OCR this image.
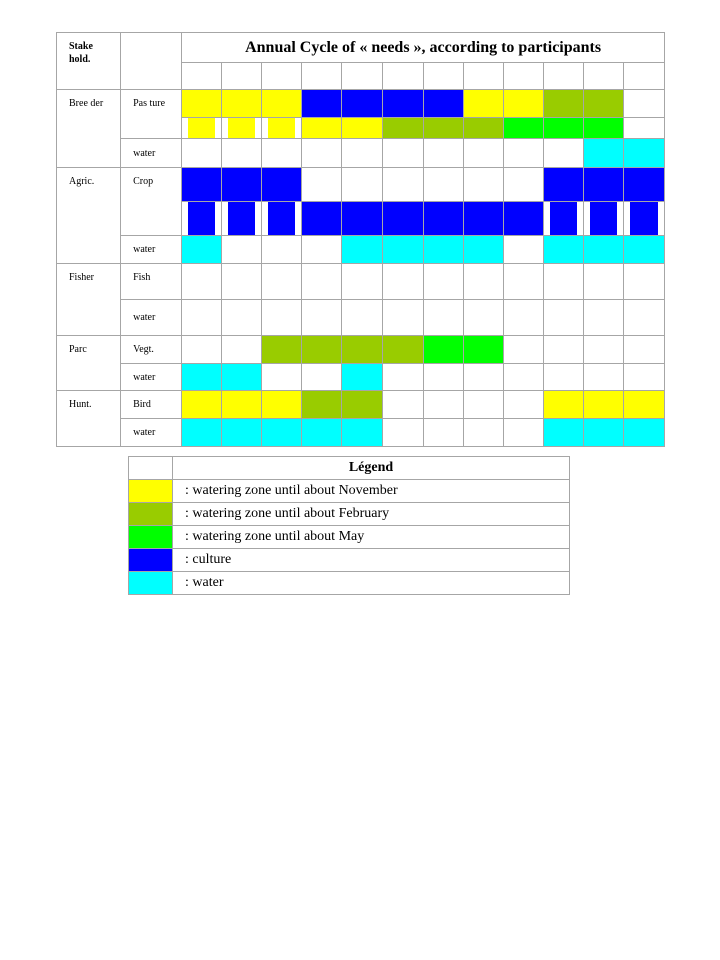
Stake hold.		Annual Cycle of « needs », according to participants											

Bree der	Pas ture												

	water												
Agric.	Crop												

	water												
Fisher	Fish												
	water												
Parc	Vegt.												
	water												
Hunt.	Bird												
	water												
	Légend
	: watering zone until about November
	: watering zone until about February
	: watering zone until about May
	: culture
	: water
